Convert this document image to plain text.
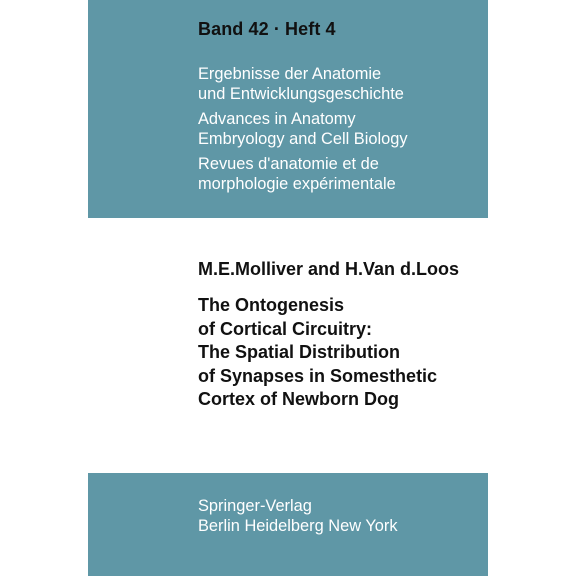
Band 42 · Heft 4
Ergebnisse der Anatomie
und Entwicklungsgeschichte
Advances in Anatomy
Embryology and Cell Biology
Revues d'anatomie et de
morphologie expérimentale
M.E.Molliver and H.Van d.Loos
The Ontogenesis
of Cortical Circuitry:
The Spatial Distribution
of Synapses in Somesthetic
Cortex of Newborn Dog
Springer-Verlag
Berlin Heidelberg New York
